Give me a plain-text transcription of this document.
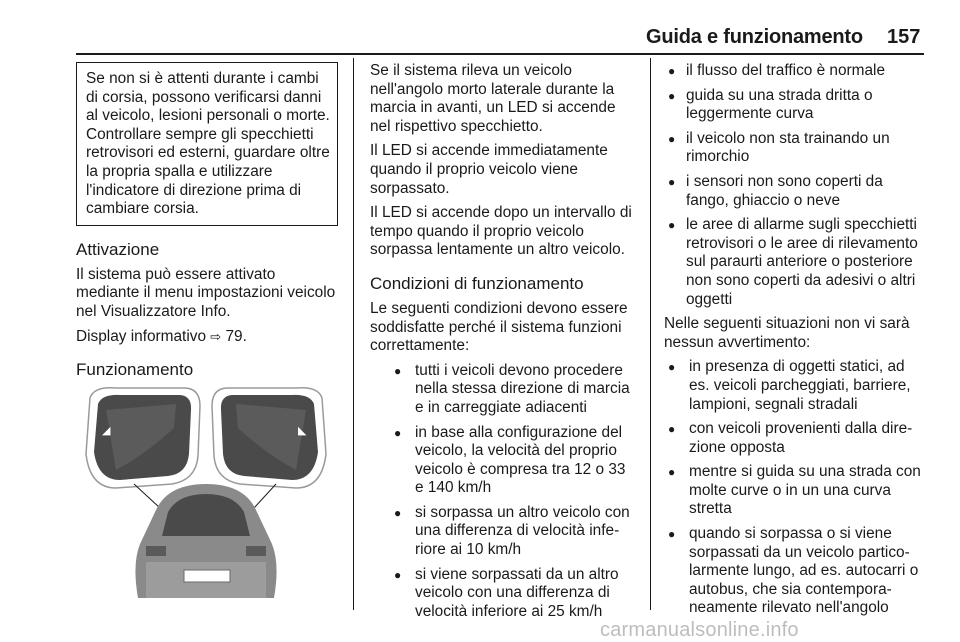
Guida e funzionamento 157
Se non si è attenti durante i cambi di corsia, possono verificarsi danni al veicolo, lesioni personali o morte. Controllare sempre gli specchietti retrovisori ed esterni, guardare oltre la propria spalla e utilizzare l'indicatore di direzione prima di cambiare corsia.
Attivazione

Il sistema può essere attivato mediante il menu impostazioni veicolo nel Visualizzatore Info.

Display informativo ⇨ 79.

Funzionamento
◢	◣

Se il sistema rileva un veicolo nell'angolo morto laterale durante la marcia in avanti, un LED si accende nel rispettivo specchietto.

Il LED si accende immediatamente quando il proprio veicolo viene sorpassato.

Il LED si accende dopo un intervallo di tempo quando il proprio veicolo sorpassa lentamente un altro veicolo.

Condizioni di funzionamento

Le seguenti condizioni devono essere soddisfatte perché il sistema funzioni correttamente:

● tutti i veicoli devono procedere nella stessa direzione di marcia e in carreggiate adiacenti
● in base alla configurazione del veicolo, la velocità del proprio veicolo è compresa tra 12 o 33 e 140 km/h
● si sorpassa un altro veicolo con una differenza di velocità inferiore ai 10 km/h
● si viene sorpassati da un altro veicolo con una differenza di velocità inferiore ai 25 km/h
● il flusso del traffico è normale
● guida su una strada dritta o leggermente curva
● il veicolo non sta trainando un rimorchio
● i sensori non sono coperti da fango, ghiaccio o neve
● le aree di allarme sugli specchietti retrovisori o le aree di rilevamento sul paraurti anteriore o posteriore non sono coperti da adesivi o altri oggetti

Nelle seguenti situazioni non vi sarà nessun avvertimento:

● in presenza di oggetti statici, ad es. veicoli parcheggiati, barriere, lampioni, segnali stradali
● con veicoli provenienti dalla direzione opposta
● mentre si guida su una strada con molte curve o in un una curva stretta
● quando si sorpassa o si viene sorpassati da un veicolo particolarmente lungo, ad es. autocarri o autobus, che sia contemporaneamente rilevato nell'angolo
carmanualsonline.info
